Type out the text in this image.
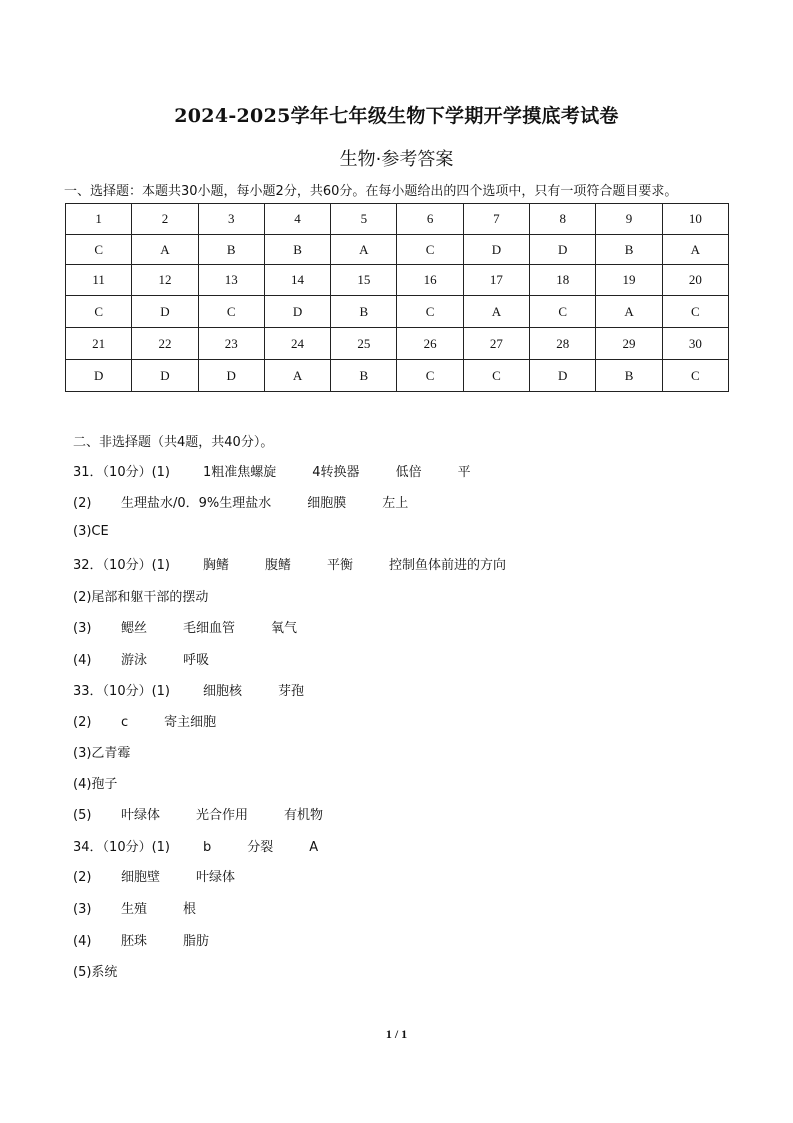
2024-2025学年七年级生物下学期开学摸底考试卷
生物·参考答案
一、选择题：本题共30小题，每小题2分，共60分。在每小题给出的四个选项中，只有一项符合题目要求。
1	2	3	4	5	6	7	8	9	10
C	A	B	B	A	C	D	D	B	A
11	12	13	14	15	16	17	18	19	20
C	D	C	D	B	C	A	C	A	C
21	22	23	24	25	26	27	28	29	30
D	D	D	A	B	C	C	D	B	C
二、非选择题（共4题，共40分）。
31．（10分）(1)	1粗准焦螺旋	4转换器	低倍	平
(2) 生理盐水/0．9%生理盐水	细胞膜	左上
(3)CE
32．（10分）(1)	胸鳍	腹鳍	平衡	控制鱼体前进的方向
(2)尾部和躯干部的摆动
(3) 鳃丝	毛细血管	氧气
(4) 游泳	呼吸
33．（10分）(1)	细胞核	芽孢
(2) c	寄主细胞
(3)乙青霉
(4)孢子
(5) 叶绿体	光合作用	有机物
34．（10分）(1)	b	分裂	A
(2) 细胞壁	叶绿体
(3) 生殖	根
(4) 胚珠	脂肪
(5)系统
1 / 1
